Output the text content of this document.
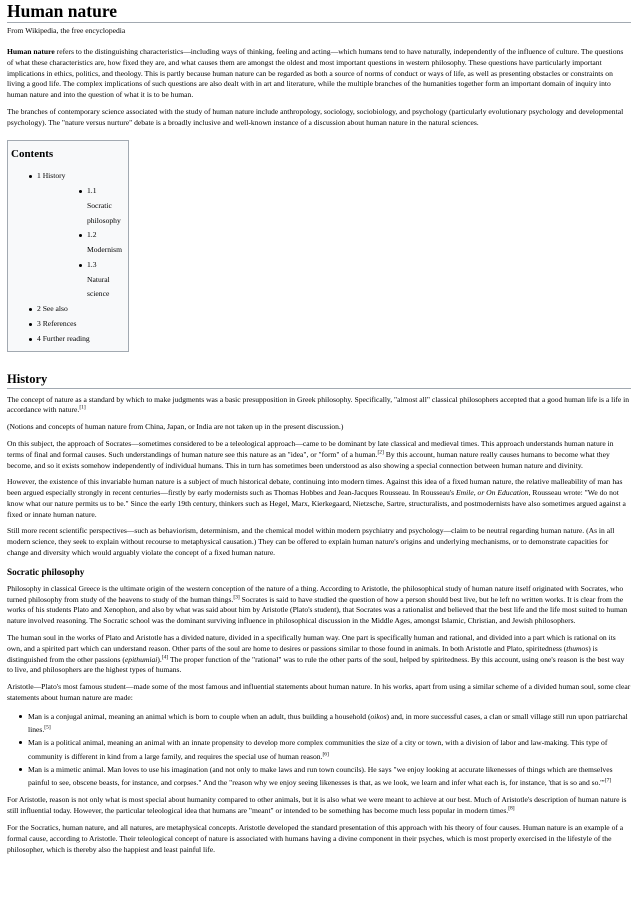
Human nature
From Wikipedia, the free encyclopedia

Human nature refers to the distinguishing characteristics—including ways of thinking, feeling and acting—which humans tend to have naturally, independently of the influence of culture. The questions of what these characteristics are, how fixed they are, and what causes them are amongst the oldest and most important questions in western philosophy. These questions have particularly important implications in ethics, politics, and theology. This is partly because human nature can be regarded as both a source of norms of conduct or ways of life, as well as presenting obstacles or constraints on living a good life. The complex implications of such questions are also dealt with in art and literature, while the multiple branches of the humanities together form an important domain of inquiry into human nature and into the question of what it is to be human.

The branches of contemporary science associated with the study of human nature include anthropology, sociology, sociobiology, and psychology (particularly evolutionary psychology and developmental psychology). The "nature versus nurture" debate is a broadly inclusive and well-known instance of a discussion about human nature in the natural sciences.

Contents
1 History
1.1 Socratic philosophy
1.2 Modernism
1.3 Natural science
2 See also
3 References
4 Further reading
History

The concept of nature as a standard by which to make judgments was a basic presupposition in Greek philosophy. Specifically, "almost all" classical philosophers accepted that a good human life is a life in accordance with nature.[1]

(Notions and concepts of human nature from China, Japan, or India are not taken up in the present discussion.)

On this subject, the approach of Socrates—sometimes considered to be a teleological approach—came to be dominant by late classical and medieval times. This approach understands human nature in terms of final and formal causes. Such understandings of human nature see this nature as an "idea", or "form" of a human.[2] By this account, human nature really causes humans to become what they become, and so it exists somehow independently of individual humans. This in turn has sometimes been understood as also showing a special connection between human nature and divinity.

However, the existence of this invariable human nature is a subject of much historical debate, continuing into modern times. Against this idea of a fixed human nature, the relative malleability of man has been argued especially strongly in recent centuries—firstly by early modernists such as Thomas Hobbes and Jean-Jacques Rousseau. In Rousseau's Emile, or On Education, Rousseau wrote: "We do not know what our nature permits us to be." Since the early 19th century, thinkers such as Hegel, Marx, Kierkegaard, Nietzsche, Sartre, structuralists, and postmodernists have also sometimes argued against a fixed or innate human nature.

Still more recent scientific perspectives—such as behaviorism, determinism, and the chemical model within modern psychiatry and psychology—claim to be neutral regarding human nature. (As in all modern science, they seek to explain without recourse to metaphysical causation.) They can be offered to explain human nature's origins and underlying mechanisms, or to demonstrate capacities for change and diversity which would arguably violate the concept of a fixed human nature.

Socratic philosophy

Philosophy in classical Greece is the ultimate origin of the western conception of the nature of a thing. According to Aristotle, the philosophical study of human nature itself originated with Socrates, who turned philosophy from study of the heavens to study of the human things.[3] Socrates is said to have studied the question of how a person should best live, but he left no written works. It is clear from the works of his students Plato and Xenophon, and also by what was said about him by Aristotle (Plato's student), that Socrates was a rationalist and believed that the best life and the life most suited to human nature involved reasoning. The Socratic school was the dominant surviving influence in philosophical discussion in the Middle Ages, amongst Islamic, Christian, and Jewish philosophers.

The human soul in the works of Plato and Aristotle has a divided nature, divided in a specifically human way. One part is specifically human and rational, and divided into a part which is rational on its own, and a spirited part which can understand reason. Other parts of the soul are home to desires or passions similar to those found in animals. In both Aristotle and Plato, spiritedness (thumos) is distinguished from the other passions (epithumiai).[4] The proper function of the "rational" was to rule the other parts of the soul, helped by spiritedness. By this account, using one's reason is the best way to live, and philosophers are the highest types of humans.

Aristotle—Plato's most famous student—made some of the most famous and influential statements about human nature. In his works, apart from using a similar scheme of a divided human soul, some clear statements about human nature are made:

Man is a conjugal animal, meaning an animal which is born to couple when an adult, thus building a household (oikos) and, in more successful cases, a clan or small village still run upon patriarchal lines.[5]
Man is a political animal, meaning an animal with an innate propensity to develop more complex communities the size of a city or town, with a division of labor and law-making. This type of community is different in kind from a large family, and requires the special use of human reason.[6]
Man is a mimetic animal. Man loves to use his imagination (and not only to make laws and run town councils). He says "we enjoy looking at accurate likenesses of things which are themselves painful to see, obscene beasts, for instance, and corpses." And the "reason why we enjoy seeing likenesses is that, as we look, we learn and infer what each is, for instance, 'that is so and so.'"[7]

For Aristotle, reason is not only what is most special about humanity compared to other animals, but it is also what we were meant to achieve at our best. Much of Aristotle's description of human nature is still influential today. However, the particular teleological idea that humans are "meant" or intended to be something has become much less popular in modern times.[8]

For the Socratics, human nature, and all natures, are metaphysical concepts. Aristotle developed the standard presentation of this approach with his theory of four causes. Human nature is an example of a formal cause, according to Aristotle. Their teleological concept of nature is associated with humans having a divine component in their psyches, which is most properly exercised in the lifestyle of the philosopher, which is thereby also the happiest and least painful life.
